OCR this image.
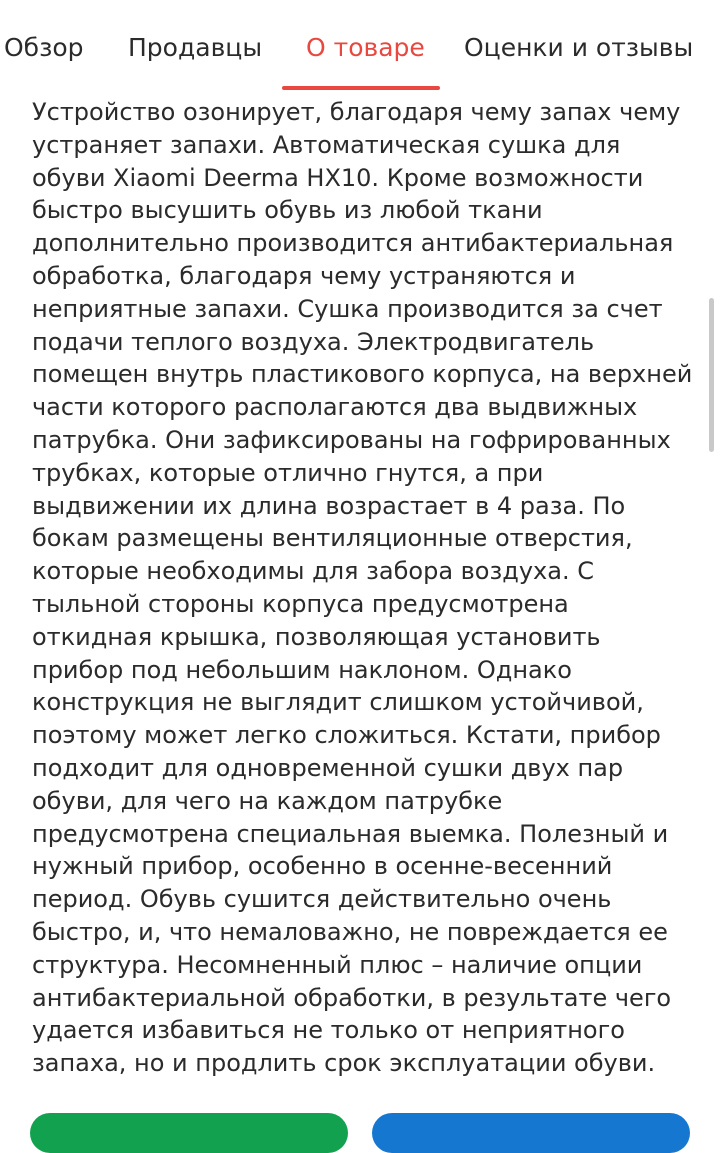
Обзор Продавцы О товаре Оценки и отзывы
Устройство озонирует, благодаря чему запах чему
устраняет запахи. Автоматическая сушка для
обуви Xiaomi Deerma HX10. Кроме возможности
быстро высушить обувь из любой ткани
дополнительно производится антибактериальная
обработка, благодаря чему устраняются и
неприятные запахи. Сушка производится за счет
подачи теплого воздуха. Электродвигатель
помещен внутрь пластикового корпуса, на верхней
части которого располагаются два выдвижных
патрубка. Они зафиксированы на гофрированных
трубках, которые отлично гнутся, а при
выдвижении их длина возрастает в 4 раза. По
бокам размещены вентиляционные отверстия,
которые необходимы для забора воздуха. С
тыльной стороны корпуса предусмотрена
откидная крышка, позволяющая установить
прибор под небольшим наклоном. Однако
конструкция не выглядит слишком устойчивой,
поэтому может легко сложиться. Кстати, прибор
подходит для одновременной сушки двух пар
обуви, для чего на каждом патрубке
предусмотрена специальная выемка. Полезный и
нужный прибор, особенно в осенне-весенний
период. Обувь сушится действительно очень
быстро, и, что немаловажно, не повреждается ее
структура. Несомненный плюс – наличие опции
антибактериальной обработки, в результате чего
удается избавиться не только от неприятного
запаха, но и продлить срок эксплуатации обуви.
